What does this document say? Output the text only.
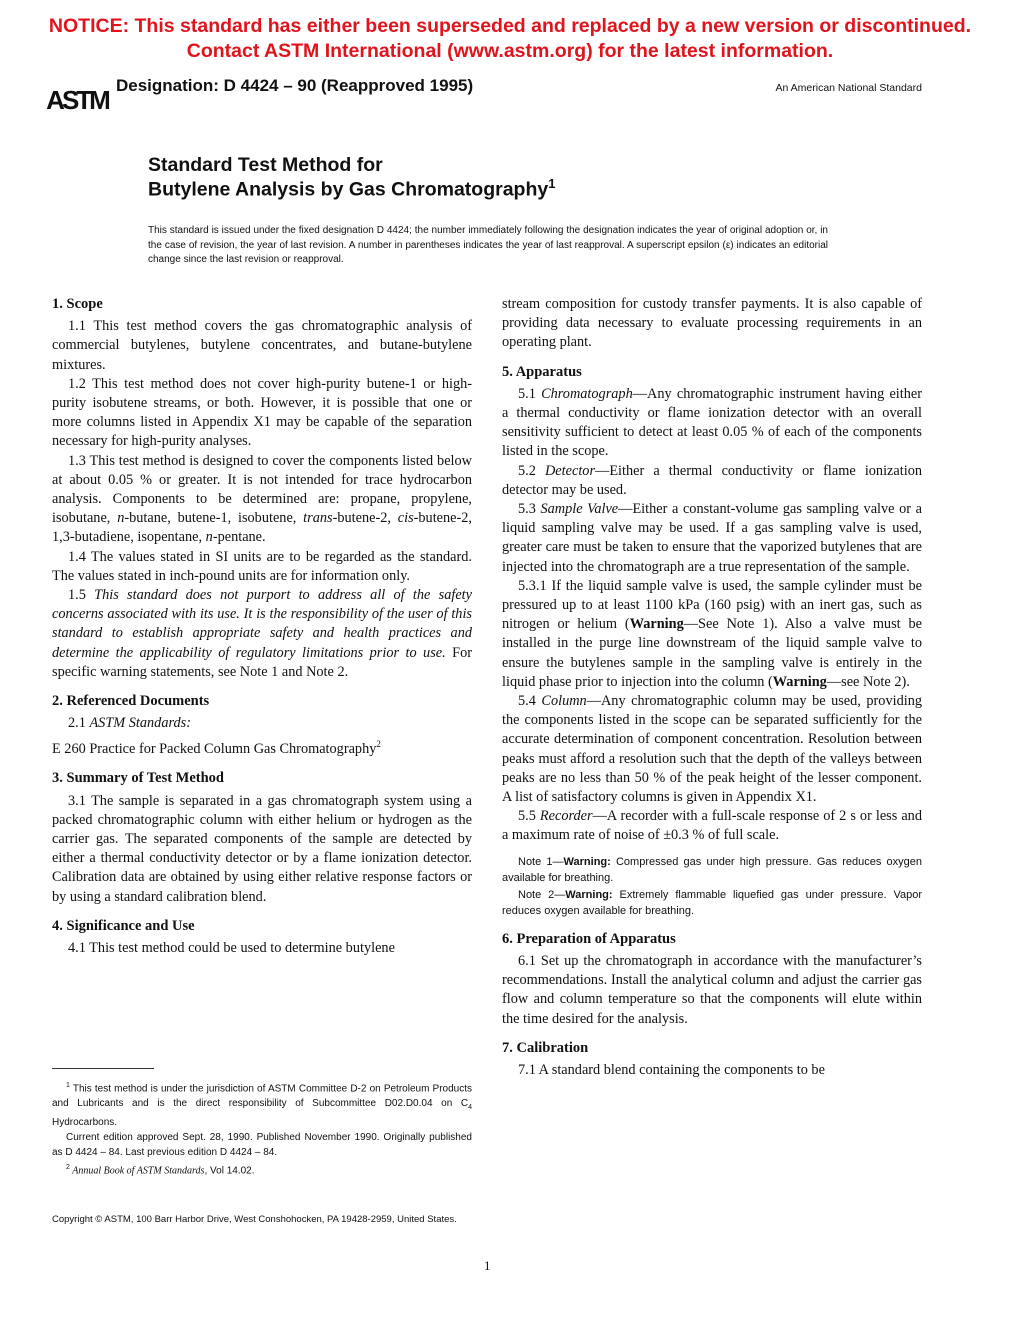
NOTICE: This standard has either been superseded and replaced by a new version or discontinued.
Contact ASTM International (www.astm.org) for the latest information.
ASTM Designation: D 4424 – 90 (Reapproved 1995)	An American National Standard
Standard Test Method for
Butylene Analysis by Gas Chromatography$^1$
This standard is issued under the fixed designation D 4424; the number immediately following the designation indicates the year of original adoption or, in the case of revision, the year of last revision. A number in parentheses indicates the year of last reapproval. A superscript epsilon (ε) indicates an editorial change since the last revision or reapproval.
1. Scope

1.1 This test method covers the gas chromatographic analysis of commercial butylenes, butylene concentrates, and butane-butylene mixtures.

1.2 This test method does not cover high-purity butene-1 or high-purity isobutene streams, or both. However, it is possible that one or more columns listed in Appendix X1 may be capable of the separation necessary for high-purity analyses.

1.3 This test method is designed to cover the components listed below at about 0.05 % or greater. It is not intended for trace hydrocarbon analysis. Components to be determined are: propane, propylene, isobutane, n-butane, butene-1, isobutene, trans-butene-2, cis-butene-2, 1,3-butadiene, isopentane, n-pentane.

1.4 The values stated in SI units are to be regarded as the standard. The values stated in inch-pound units are for information only.

1.5 This standard does not purport to address all of the safety concerns associated with its use. It is the responsibility of the user of this standard to establish appropriate safety and health practices and determine the applicability of regulatory limitations prior to use. For specific warning statements, see Note 1 and Note 2.

2. Referenced Documents

2.1 ASTM Standards:

E 260 Practice for Packed Column Gas Chromatography$^2$

3. Summary of Test Method

3.1 The sample is separated in a gas chromatograph system using a packed chromatographic column with either helium or hydrogen as the carrier gas. The separated components of the sample are detected by either a thermal conductivity detector or by a flame ionization detector. Calibration data are obtained by using either relative response factors or by using a standard calibration blend.

4. Significance and Use

4.1 This test method could be used to determine butylene

stream composition for custody transfer payments. It is also capable of providing data necessary to evaluate processing requirements in an operating plant.

5. Apparatus

5.1 Chromatograph—Any chromatographic instrument having either a thermal conductivity or flame ionization detector with an overall sensitivity sufficient to detect at least 0.05 % of each of the components listed in the scope.

5.2 Detector—Either a thermal conductivity or flame ionization detector may be used.

5.3 Sample Valve—Either a constant-volume gas sampling valve or a liquid sampling valve may be used. If a gas sampling valve is used, greater care must be taken to ensure that the vaporized butylenes that are injected into the chromatograph are a true representation of the sample.

5.3.1 If the liquid sample valve is used, the sample cylinder must be pressured up to at least 1100 kPa (160 psig) with an inert gas, such as nitrogen or helium (Warning—See Note 1). Also a valve must be installed in the purge line downstream of the liquid sample valve to ensure the butylenes sample in the sampling valve is entirely in the liquid phase prior to injection into the column (Warning—see Note 2).

5.4 Column—Any chromatographic column may be used, providing the components listed in the scope can be separated sufficiently for the accurate determination of component concentration. Resolution between peaks must afford a resolution such that the depth of the valleys between peaks are no less than 50 % of the peak height of the lesser component. A list of satisfactory columns is given in Appendix X1.

5.5 Recorder—A recorder with a full-scale response of 2 s or less and a maximum rate of noise of ±0.3 % of full scale.

Note 1—Warning: Compressed gas under high pressure. Gas reduces oxygen available for breathing.

Note 2—Warning: Extremely flammable liquefied gas under pressure. Vapor reduces oxygen available for breathing.

6. Preparation of Apparatus

6.1 Set up the chromatograph in accordance with the manufacturer’s recommendations. Install the analytical column and adjust the carrier gas flow and column temperature so that the components will elute within the time desired for the analysis.

7. Calibration

7.1 A standard blend containing the components to be

$^1$ This test method is under the jurisdiction of ASTM Committee D-2 on Petroleum Products and Lubricants and is the direct responsibility of Subcommittee D02.D0.04 on $C_4$ Hydrocarbons.

Current edition approved Sept. 28, 1990. Published November 1990. Originally published as D 4424 – 84. Last previous edition D 4424 – 84.

$^2$ Annual Book of ASTM Standards, Vol 14.02.

Copyright © ASTM, 100 Barr Harbor Drive, West Conshohocken, PA 19428-2959, United States.
1
